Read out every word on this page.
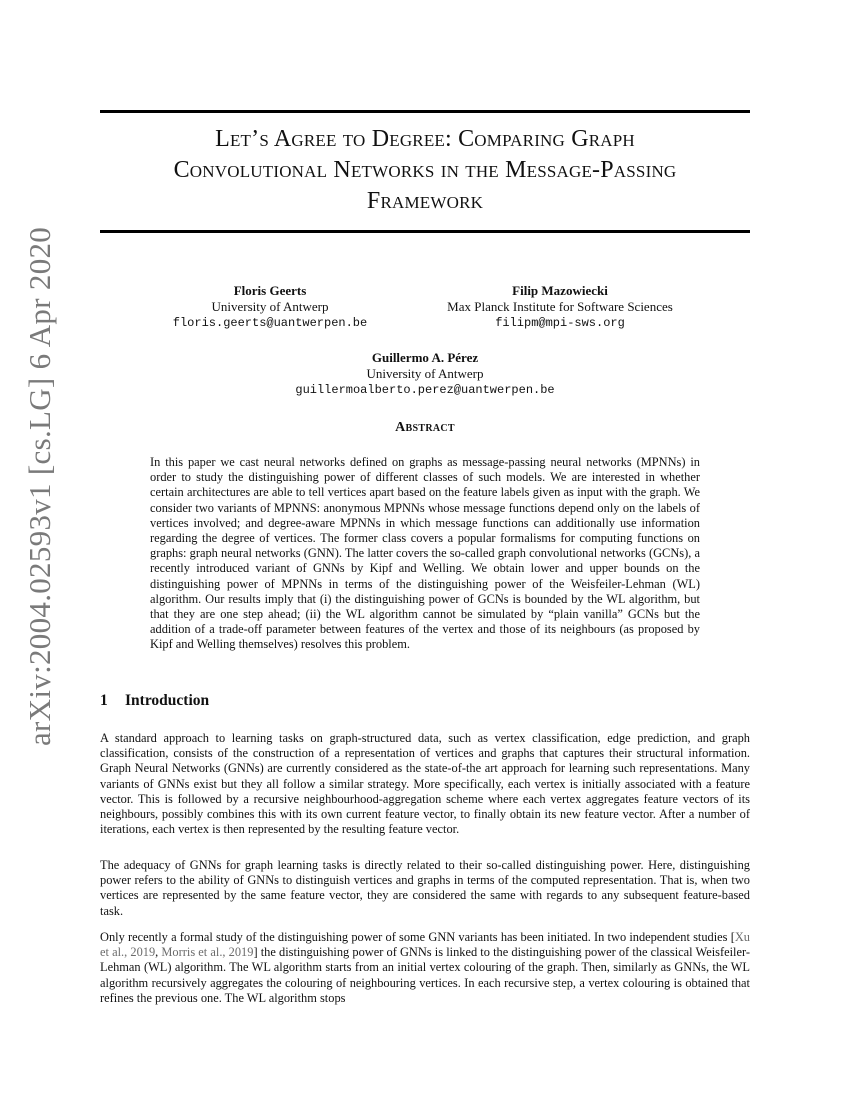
arXiv:2004.02593v1 [cs.LG] 6 Apr 2020
Let’s Agree to Degree: Comparing Graph
Convolutional Networks in the Message-Passing
Framework
Floris Geerts
University of Antwerp
floris.geerts@uantwerpen.be
Filip Mazowiecki
Max Planck Institute for Software Sciences
filipm@mpi-sws.org
Guillermo A. Pérez
University of Antwerp
guillermoalberto.perez@uantwerpen.be
Abstract
In this paper we cast neural networks defined on graphs as message-passing neural networks (MPNNs) in order to study the distinguishing power of different classes of such models. We are interested in whether certain architectures are able to tell vertices apart based on the feature labels given as input with the graph. We consider two variants of MPNNS: anonymous MPNNs whose message functions depend only on the labels of vertices involved; and degree-aware MPNNs in which message functions can additionally use information regarding the degree of vertices. The former class covers a popular formalisms for computing functions on graphs: graph neural networks (GNN). The latter covers the so-called graph convolutional networks (GCNs), a recently introduced variant of GNNs by Kipf and Welling. We obtain lower and upper bounds on the distinguishing power of MPNNs in terms of the distinguishing power of the Weisfeiler-Lehman (WL) algorithm. Our results imply that (i) the distinguishing power of GCNs is bounded by the WL algorithm, but that they are one step ahead; (ii) the WL algorithm cannot be simulated by “plain vanilla” GCNs but the addition of a trade-off parameter between features of the vertex and those of its neighbours (as proposed by Kipf and Welling themselves) resolves this problem.
1 Introduction

A standard approach to learning tasks on graph-structured data, such as vertex classification, edge prediction, and graph classification, consists of the construction of a representation of vertices and graphs that captures their structural information. Graph Neural Networks (GNNs) are currently considered as the state-of-the art approach for learning such representations. Many variants of GNNs exist but they all follow a similar strategy. More specifically, each vertex is initially associated with a feature vector. This is followed by a recursive neighbourhood-aggregation scheme where each vertex aggregates feature vectors of its neighbours, possibly combines this with its own current feature vector, to finally obtain its new feature vector. After a number of iterations, each vertex is then represented by the resulting feature vector.

The adequacy of GNNs for graph learning tasks is directly related to their so-called distinguishing power. Here, distinguishing power refers to the ability of GNNs to distinguish vertices and graphs in terms of the computed representation. That is, when two vertices are represented by the same feature vector, they are considered the same with regards to any subsequent feature-based task.

Only recently a formal study of the distinguishing power of some GNN variants has been initiated. In two independent studies [Xu et al., 2019, Morris et al., 2019] the distinguishing power of GNNs is linked to the distinguishing power of the classical Weisfeiler-Lehman (WL) algorithm. The WL algorithm starts from an initial vertex colouring of the graph. Then, similarly as GNNs, the WL algorithm recursively aggregates the colouring of neighbouring vertices. In each recursive step, a vertex colouring is obtained that refines the previous one. The WL algorithm stops
